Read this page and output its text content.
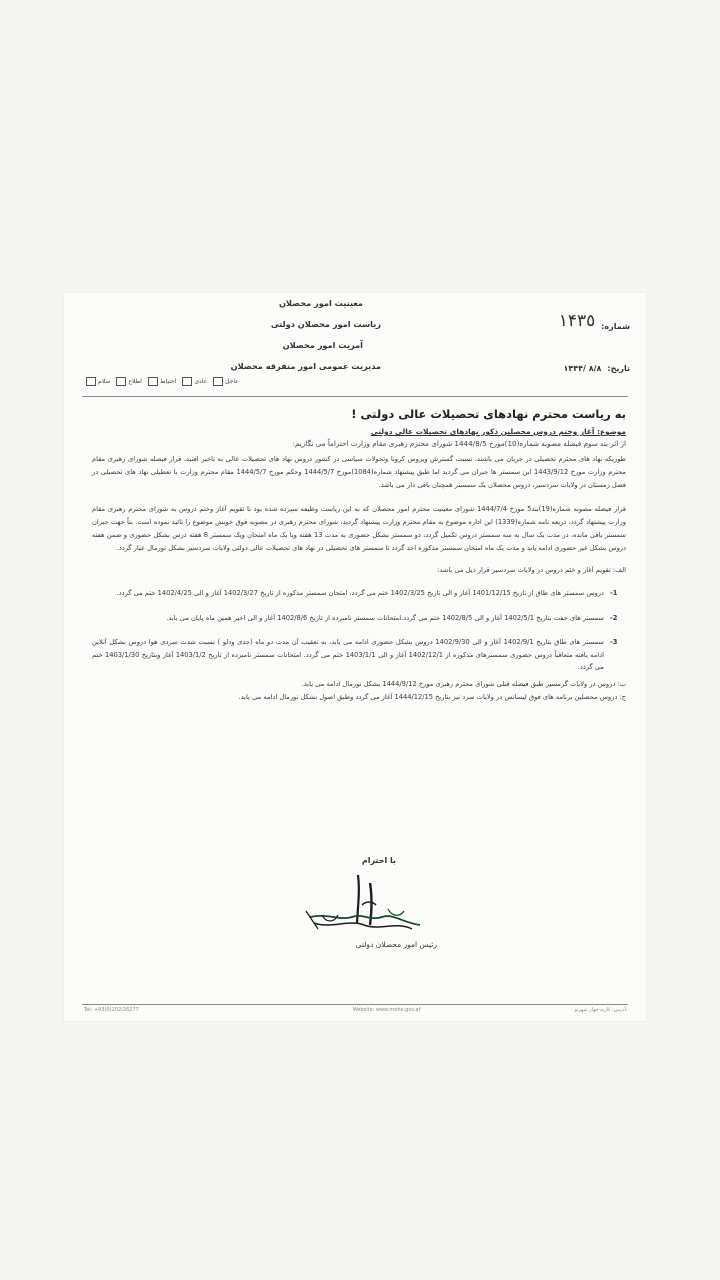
معینیت امور محصلان
ریاست امور محصلان دولتی
آمریت امور محصلان
مدیریت عمومی امور متفرقه محصلان
شماره:
١۴٣٥
تاریخ:
١۴۴۴/ ٨/٨
سلام	اطلاع	احتیاط	عادی	عاجل
به ریاست محترم نهادهای تحصیلات عالی دولتی !
موضوع: آغاز وختم دروس محصلین ذکور نهادهای تحصیلات عالی دولتی
از اثر بند سوم فیصله مصوبه شماره(10)مورخ 1444/8/5 شورای محترم رهبری مقام وزارت احتراماً می نگاریم:

طوریکه نهاد های محترم تحصیلی در جریان می باشند، نسبت گسترش ویروس کرونا وتحولات سیاسی در کشور دروس نهاد های تحصیلات عالی به تاخیر افتید، قرار فیصله شورای رهبری مقام محترم وزارت مورخ 1443/9/12 این سمستر ها جبران می گردید اما طبق پیشنهاد شماره(1084)مورخ 1444/5/7 وحکم مورخ 1444/5/7 مقام محترم وزارت با تعطیلی نهاد های تحصیلی در فصل زمستان در ولایات سردسیر، دروس محصلان یک سمستر همچنان باقی دار می باشد.

قرار فیصله مصوبه شماره(19)بند5 مورخ 1444/7/4 شورای معینیت محترم امور محصلان که به این ریاست وظیفه سپرده شده بود تا تقویم آغاز وختم دروس به شورای محترم رهبری مقام وزارت پیشنهاد گردد، ذریعه نامه شماره(1339) این اداره موضوع به مقام محترم وزارت پیشنهاد گردید، شورای محترم رهبری در مصوبه فوق خویش موضوع را تائید نموده است. بناً جهت جبران سمستر باقی مانده، در مدت یک سال به سه سمستر دروس تکمیل گردد، دو سمستر بشکل حضوری به مدت 13 هفته ویا یک ماه امتحان ویک سمستر 8 هفته درس بشکل حضوری و ضمن هفته دروس بشکل غیر حضوری ادامه یابد و مدت یک ماه امتحان سمستر مذکوره اخذ گردد تا سمستر های تحصیلی در نهاد های تحصیلات عالی دولتی ولایات سردسیر بشکل نورمال عیار گردد.

الف: تقویم آغاز و ختم دروس در ولایات سردسیر قرار ذیل می باشد:
-1
دروس سمستر های طاق از تاریخ 1401/12/15 آغاز و الی تاریخ 1402/3/25 ختم می گردد، امتحان سمستر مذکوره از تاریخ 1402/3/27 آغاز و الی 1402/4/25 ختم می گردد.
-2
سمستر های جفت بتاریخ 1402/5/1 آغاز و الی 1402/8/5 ختم می گردد.امتحانات سمستر نامبرده از تاریخ 1402/8/6 آغاز و الی اخیر همین ماه پایان می یابد.
-3
سمستر های طاق بتاریخ 1402/9/1 آغاز و الی 1402/9/30 دروس بشکل حضوری ادامه می یابد، به تعقیب آن مدت دو ماه (جدی ودلو ) نسبت شدت سردی هوا دروس بشکل آنلاین ادامه یافته متعاقباً دروس حضوری سمسترهای مذکوره از 1402/12/1 آغاز و الی 1403/1/1 ختم می گردد. امتحانات سمستر نامبرده از تاریخ 1403/1/2 آغاز وبتاریخ 1403/1/30 ختم می گردد.
ب: دروس در ولایات گرمسیر طبق فیصله قبلی شورای محترم رهبری مورخ 1444/9/12 بشکل نورمال ادامه می یابد.
ج: دروس محصلین برنامه های فوق لیسانس در ولایات سرد نیز بتاریخ 1444/12/15 آغاز می گردد وطبق اصول بشکل نورمال ادامه می یابد.
با احترام
رئیس امور محصلان دولتی
Tel: +93(0)202/26277	Website: www.mohe.gov.af	آدرس: کارته چهار شهرنو
